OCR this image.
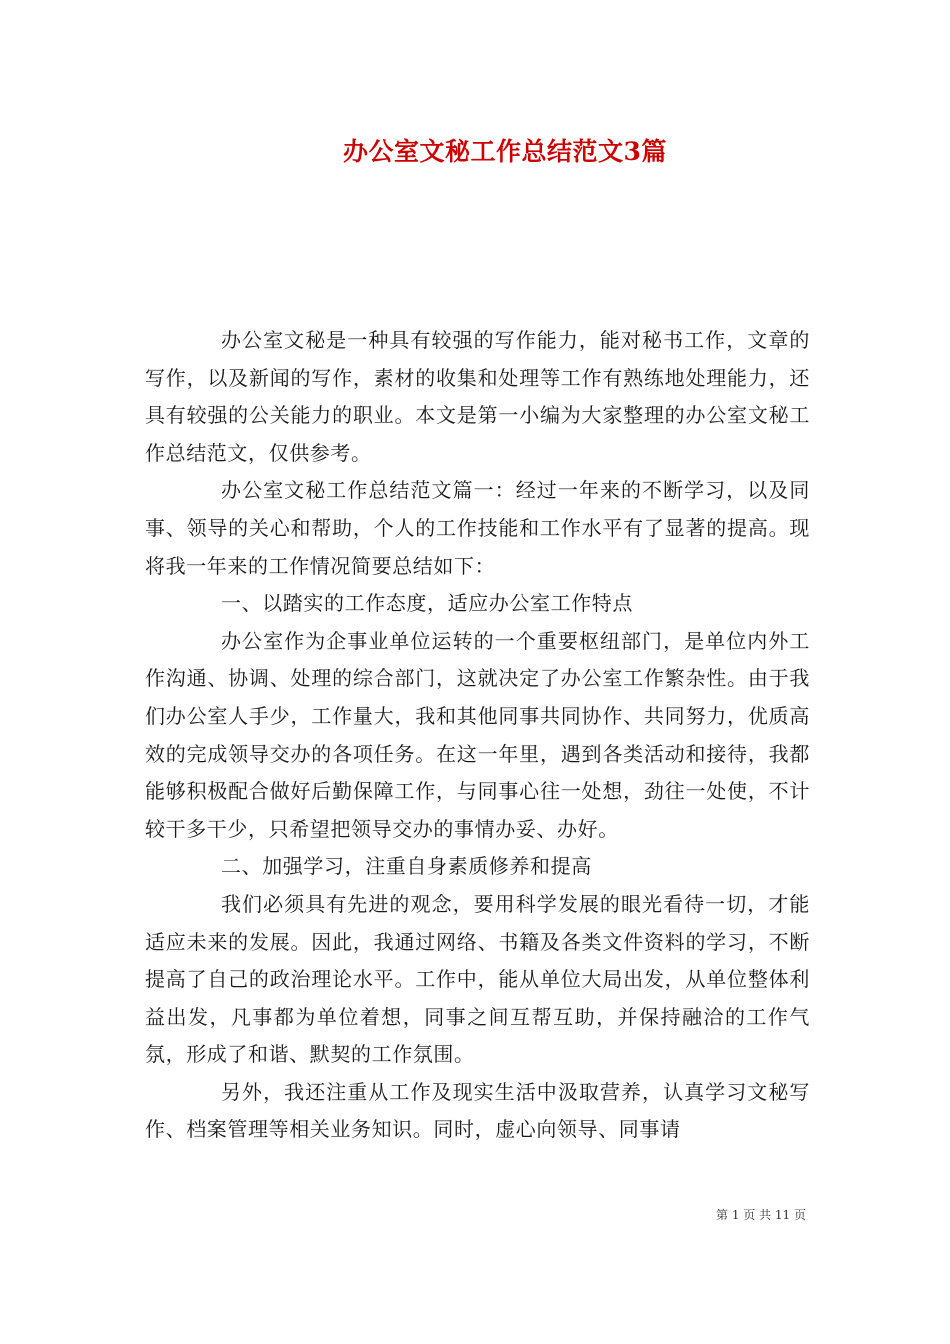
办公室文秘工作总结范文3篇

办公室文秘是一种具有较强的写作能力，能对秘书工作，文章的写作，以及新闻的写作，素材的收集和处理等工作有熟练地处理能力，还具有较强的公关能力的职业。本文是第一小编为大家整理的办公室文秘工作总结范文，仅供参考。

办公室文秘工作总结范文篇一：经过一年来的不断学习，以及同事、领导的关心和帮助，个人的工作技能和工作水平有了显著的提高。现将我一年来的工作情况简要总结如下：

一、以踏实的工作态度，适应办公室工作特点

办公室作为企事业单位运转的一个重要枢纽部门，是单位内外工作沟通、协调、处理的综合部门，这就决定了办公室工作繁杂性。由于我们办公室人手少，工作量大，我和其他同事共同协作、共同努力，优质高效的完成领导交办的各项任务。在这一年里，遇到各类活动和接待，我都能够积极配合做好后勤保障工作，与同事心往一处想，劲往一处使，不计较干多干少，只希望把领导交办的事情办妥、办好。

二、加强学习，注重自身素质修养和提高

我们必须具有先进的观念，要用科学发展的眼光看待一切，才能适应未来的发展。因此，我通过网络、书籍及各类文件资料的学习，不断提高了自己的政治理论水平。工作中，能从单位大局出发，从单位整体利益出发，凡事都为单位着想，同事之间互帮互助，并保持融洽的工作气氛，形成了和谐、默契的工作氛围。

另外，我还注重从工作及现实生活中汲取营养，认真学习文秘写作、档案管理等相关业务知识。同时，虚心向领导、同事请

第 1 页 共 11 页
